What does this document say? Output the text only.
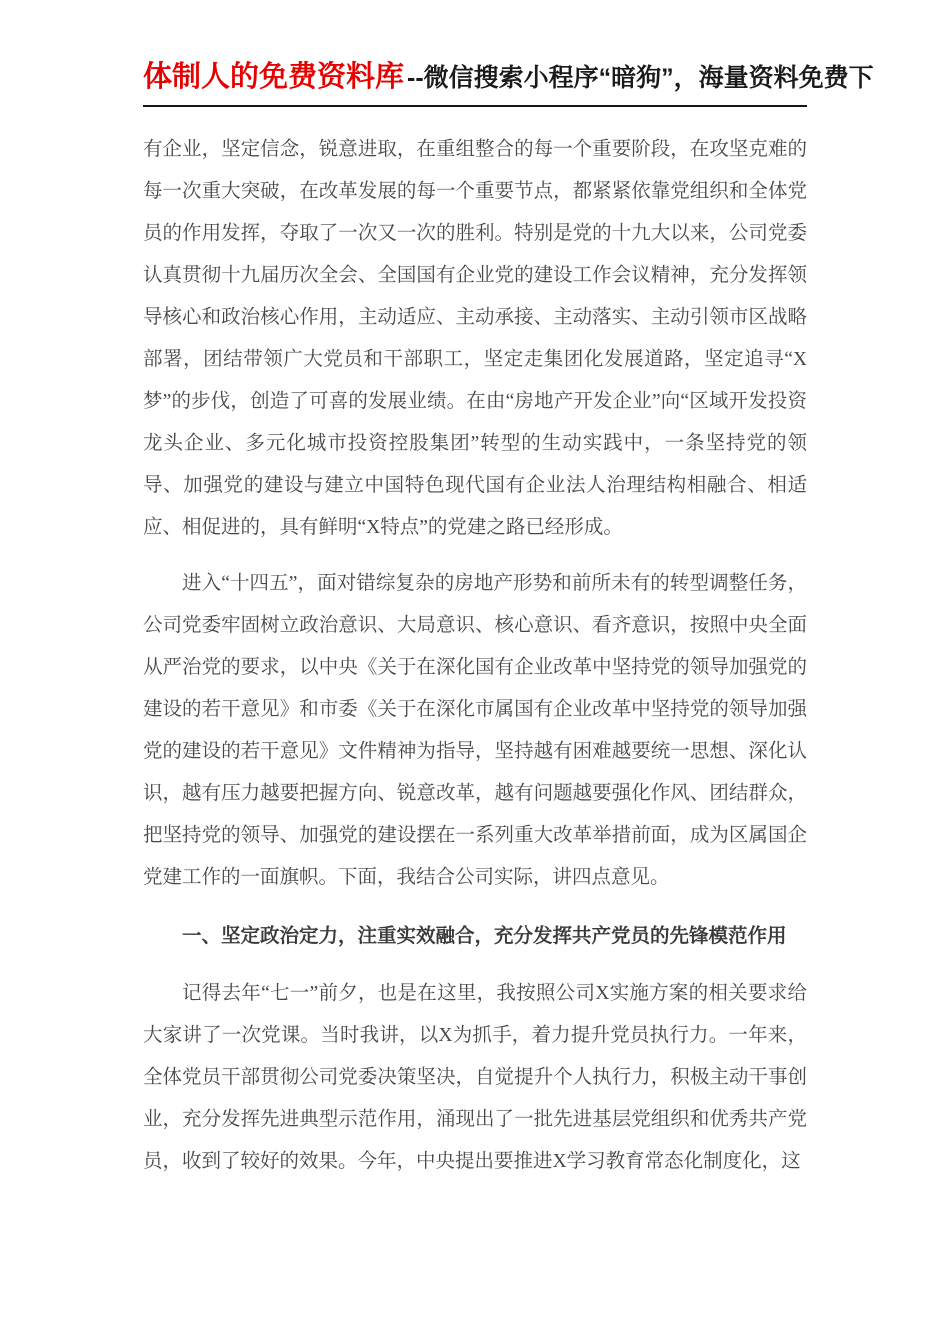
体制人的免费资料库 --微信搜索小程序“暗狗”，海量资料免费下

有企业，坚定信念，锐意进取，在重组整合的每一个重要阶段，在攻坚克难的每一次重大突破，在改革发展的每一个重要节点，都紧紧依靠党组织和全体党员的作用发挥，夺取了一次又一次的胜利。特别是党的十九大以来，公司党委认真贯彻十九届历次全会、全国国有企业党的建设工作会议精神，充分发挥领导核心和政治核心作用，主动适应、主动承接、主动落实、主动引领市区战略部署，团结带领广大党员和干部职工，坚定走集团化发展道路，坚定追寻“X梦”的步伐，创造了可喜的发展业绩。在由“房地产开发企业”向“区域开发投资龙头企业、多元化城市投资控股集团”转型的生动实践中，一条坚持党的领导、加强党的建设与建立中国特色现代国有企业法人治理结构相融合、相适应、相促进的，具有鲜明“X特点”的党建之路已经形成。

进入“十四五”，面对错综复杂的房地产形势和前所未有的转型调整任务，公司党委牢固树立政治意识、大局意识、核心意识、看齐意识，按照中央全面从严治党的要求，以中央《关于在深化国有企业改革中坚持党的领导加强党的建设的若干意见》和市委《关于在深化市属国有企业改革中坚持党的领导加强党的建设的若干意见》文件精神为指导，坚持越有困难越要统一思想、深化认识，越有压力越要把握方向、锐意改革，越有问题越要强化作风、团结群众，把坚持党的领导、加强党的建设摆在一系列重大改革举措前面，成为区属国企党建工作的一面旗帜。下面，我结合公司实际，讲四点意见。

一、坚定政治定力，注重实效融合，充分发挥共产党员的先锋模范作用

记得去年“七一”前夕，也是在这里，我按照公司X实施方案的相关要求给大家讲了一次党课。当时我讲，以X为抓手，着力提升党员执行力。一年来，全体党员干部贯彻公司党委决策坚决，自觉提升个人执行力，积极主动干事创业，充分发挥先进典型示范作用，涌现出了一批先进基层党组织和优秀共产党员，收到了较好的效果。今年，中央提出要推进X学习教育常态化制度化，这
